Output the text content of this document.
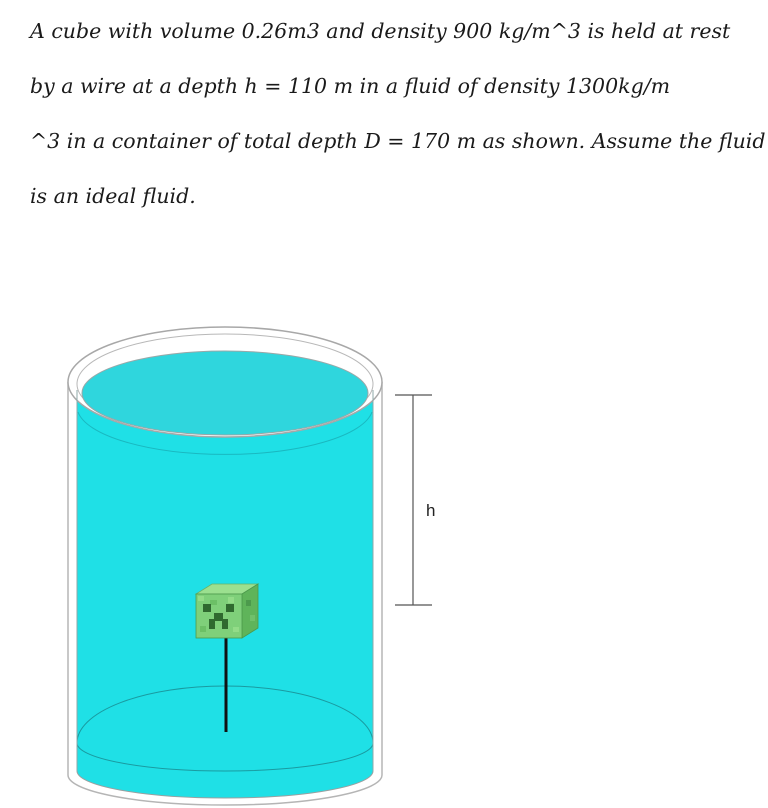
A cube with volume 0.26m3 and density 900 kg/m^3 is held at rest
by a wire at a depth h = 110 m in a fluid of density 1300kg/m
^3 in a container of total depth D = 170 m as shown. Assume the fluid
is an ideal fluid.
h
